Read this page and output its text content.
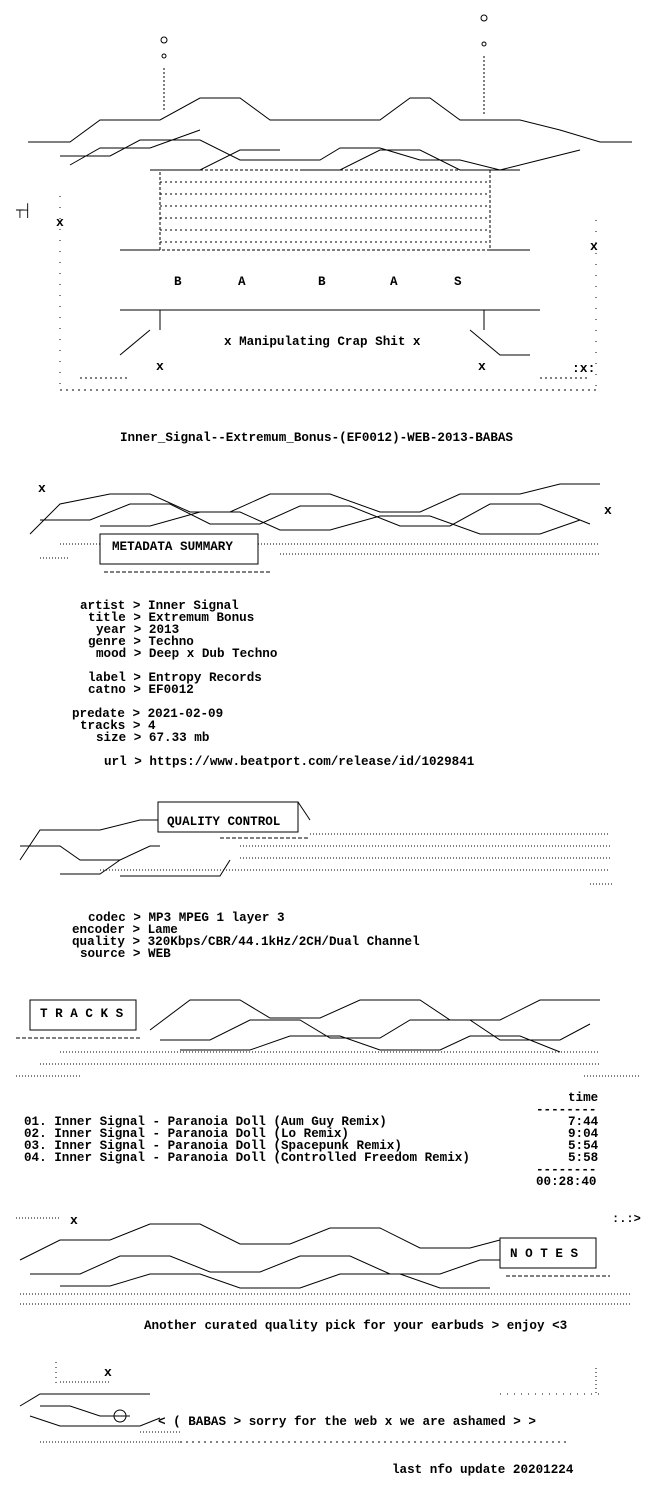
┬┤
x
x
x	x	:x:
B	A	B	A	S
x Manipulating Crap Shit x
Inner_Signal--Extremum_Bonus-(EF0012)-WEB-2013-BABAS
x
x
METADATA SUMMARY
artist > Inner Signal
title > Extremum Bonus
year > 2013
genre > Techno
mood > Deep x Dub Techno
label > Entropy Records
catno > EF0012
predate > 2021-02-09
tracks > 4
size > 67.33 mb
url > https://www.beatport.com/release/id/1029841
QUALITY CONTROL
codec > MP3 MPEG 1 layer 3
encoder > Lame
quality > 320Kbps/CBR/44.1kHz/2CH/Dual Channel
source > WEB
T R A C K S
time
--------
01. Inner Signal - Paranoia Doll (Aum Guy Remix)	7:44
02. Inner Signal - Paranoia Doll (Lo Remix)	9:04
03. Inner Signal - Paranoia Doll (Spacepunk Remix)	5:54
04. Inner Signal - Paranoia Doll (Controlled Freedom Remix)	5:58
--------
00:28:40
x	:.:>
N O T E S
Another curated quality pick for your earbuds > enjoy <3
x
< ( BABAS > sorry for the web x we are ashamed > >
last nfo update 20201224
